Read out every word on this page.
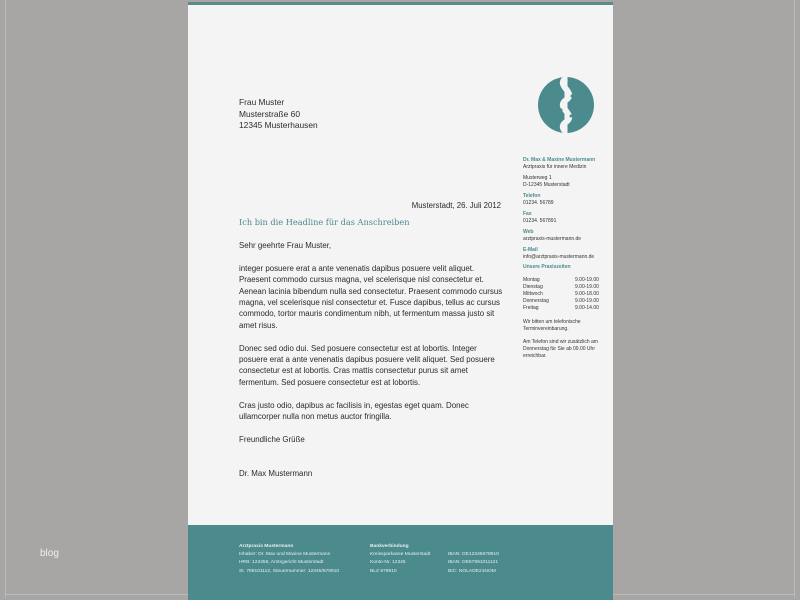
blog
Frau Muster
Musterstraße 60
12345 Musterhausen
Musterstadt, 26. Juli 2012
Ich bin die Headline für das Anschreiben
Sehr geehrte Frau Muster,

integer posuere erat a ante venenatis dapibus posuere velit aliquet. Praesent commodo cursus magna, vel scelerisque nisl consectetur et. Aenean lacinia bibendum nulla sed consectetur. Praesent commodo cursus magna, vel scelerisque nisl consectetur et. Fusce dapibus, tellus ac cursus commodo, tortor mauris condimentum nibh, ut fermentum massa justo sit amet risus.

Donec sed odio dui. Sed posuere consectetur est at lobortis. Integer posuere erat a ante venenatis dapibus posuere velit aliquet. Sed posuere consectetur est at lobortis. Cras mattis consectetur purus sit amet fermentum. Sed posuere consectetur est at lobortis.

Cras justo odio, dapibus ac facilisis in, egestas eget quam. Donec ullamcorper nulla non metus auctor fringilla.

Freundliche Grüße
Dr. Max Mustermann
Dr. Max & Maxine Mustermann
Arztpraxis für innere Medizin
Musterweg 1
D-12345 Musterstadt
Telefon
01234. 56789
Fax
01234. 567891
Web
arztpraxis-mustermann.de
E-Mail
info@arztpraxis-mustermann.de
Unsere Praxiszeiten
Montag	9.00-19.00
Dienstag	9.00-19.00
Mittwoch	9.00-18.00
Donnerstag	9.00-19.00
Freitag	9.00-14.00
Wir bitten um telefonische Terminvereinbarung.
Am Telefon sind wir zusätzlich am Donnerstag für Sie ab 09.00 Uhr erreichbar.
Arztpraxis Mustermann
Inhaber: Dr. Max und Maxine Mustermann
HRB: 123456, Amtsgericht Musterstadt
St. 789101112, Steuernummer: 12345/678910
Bankverbindung
Kreissparkasse Musterstadt
Konto-Nr. 12345
BLZ 678910
IBAN: DE12345678910
IBAN: DE67891011121
BIC: NOLADE21NOM
